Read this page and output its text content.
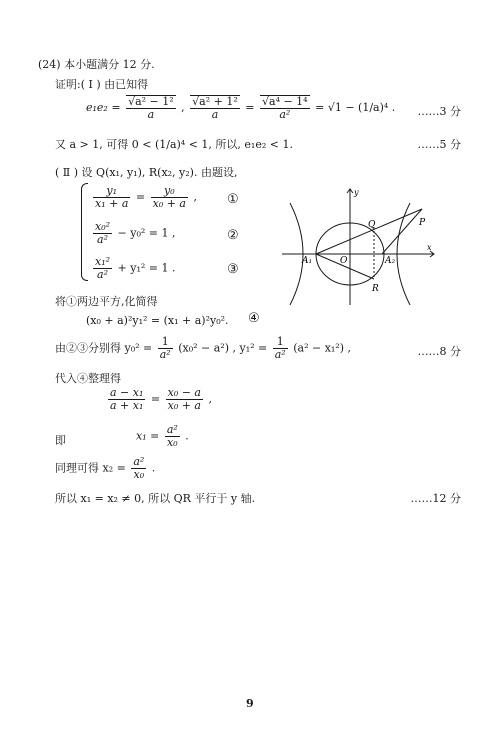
(24) 本小题满分 12 分.
证明:( Ⅰ ) 由已知得
$e_1e_2 = \frac{\text{√a² − 1²}}{a}$ , $\frac{\text{√a² + 1²}}{a} = \frac{\text{√a⁴ − 1⁴}}{\text{a²}} = √1 - (1/a)^4$ . ……3 分
又 a > 1, 可得 0 < (1/a)⁴ < 1, 所以, e₁e₂ < 1.	……5 分
( Ⅱ ) 设 Q(x₁, y₁), R(x₂, y₂). 由题设,
$\frac{\text{y₁}}{\text{x₁ + a}} = \frac{\text{y₀}}{\text{x₀ + a}}$ , ①
$\frac{\text{x₀²}}{\text{a²}} - y_0^2 = 1$ ,	②
$\frac{\text{x₁²}}{\text{a²}} + y_1^2 = 1$ .	③
y
x
Q	P
A₁	O	A₂
R
将①两边平方,化简得
(x₀ + a)²y₁² = (x₁ + a)²y₀². ④
由②③分别得 $y_0^2 = \frac{1}{\text{a²}} (x_0^2 - a^2)$ , $y_1^2 = \frac{1}{\text{a²}} (a^2 - x_1^2)$ ,	……8 分
代入④整理得
$\frac{\text{a − x₁}}{\text{a + x₁}} = \frac{\text{x₀ − a}}{\text{x₀ + a}}$ ,
即	$x_1 = \frac{\text{a²}}{\text{x₀}}$ .
同理可得 $x_2 = \frac{\text{a²}}{\text{x₀}}$ .
所以 x₁ = x₂ ≠ 0, 所以 QR 平行于 y 轴.	……12 分
9
